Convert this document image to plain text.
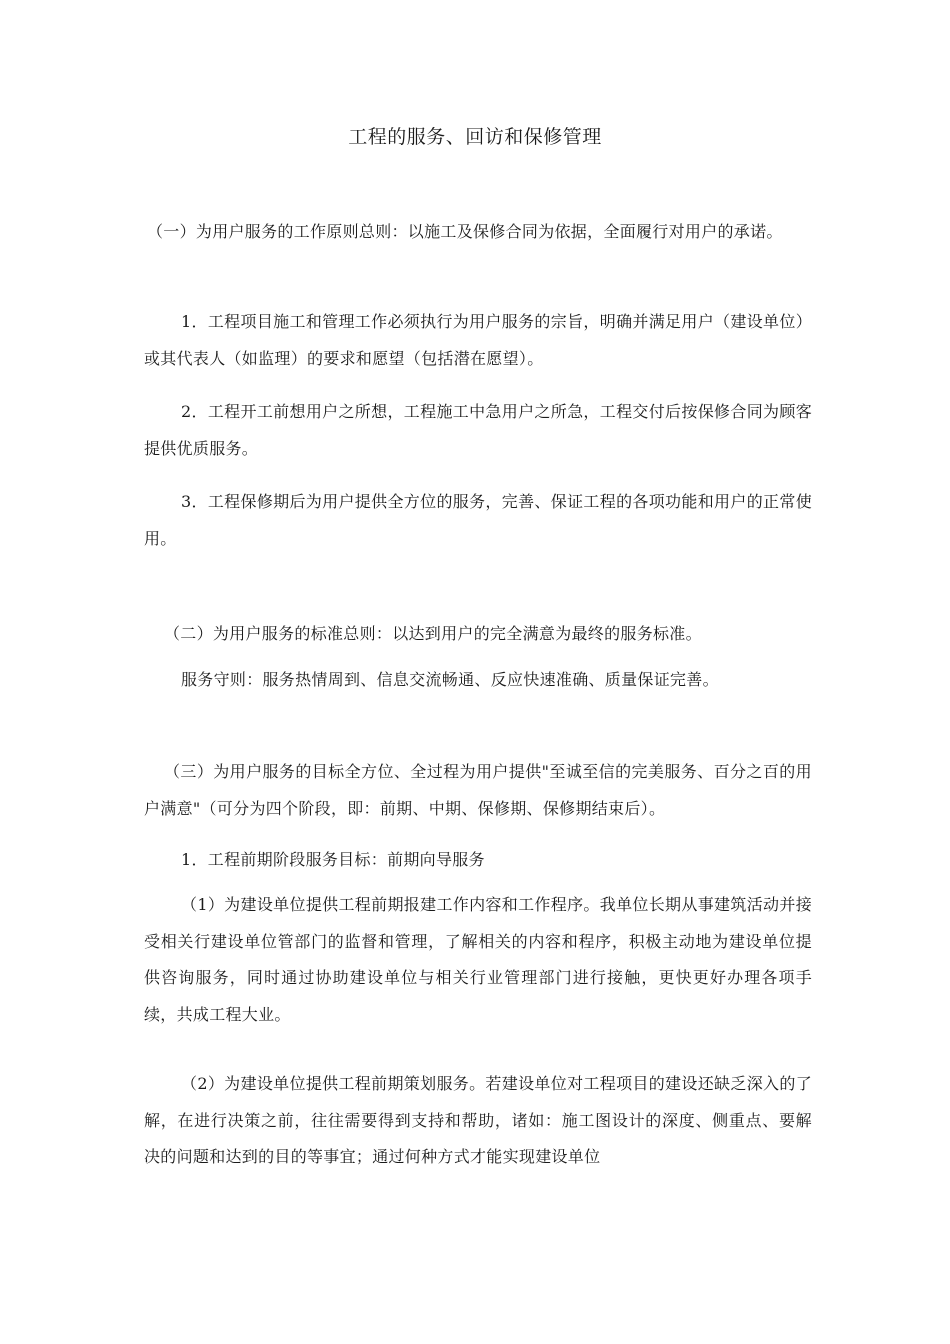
工程的服务、回访和保修管理
（一）为用户服务的工作原则总则：以施工及保修合同为依据，全面履行对用户的承诺。
1．工程项目施工和管理工作必须执行为用户服务的宗旨，明确并满足用户（建设单位）或其代表人（如监理）的要求和愿望（包括潜在愿望）。
2．工程开工前想用户之所想，工程施工中急用户之所急，工程交付后按保修合同为顾客提供优质服务。
3．工程保修期后为用户提供全方位的服务，完善、保证工程的各项功能和用户的正常使用。
（二）为用户服务的标准总则：以达到用户的完全满意为最终的服务标准。
服务守则：服务热情周到、信息交流畅通、反应快速准确、质量保证完善。
（三）为用户服务的目标全方位、全过程为用户提供"至诚至信的完美服务、百分之百的用户满意"（可分为四个阶段，即：前期、中期、保修期、保修期结束后）。
1．工程前期阶段服务目标：前期向导服务
（1）为建设单位提供工程前期报建工作内容和工作程序。我单位长期从事建筑活动并接受相关行建设单位管部门的监督和管理，了解相关的内容和程序，积极主动地为建设单位提供咨询服务，同时通过协助建设单位与相关行业管理部门进行接触，更快更好办理各项手续，共成工程大业。
（2）为建设单位提供工程前期策划服务。若建设单位对工程项目的建设还缺乏深入的了解，在进行决策之前，往往需要得到支持和帮助，诸如：施工图设计的深度、侧重点、要解决的问题和达到的目的等事宜；通过何种方式才能实现建设单位
